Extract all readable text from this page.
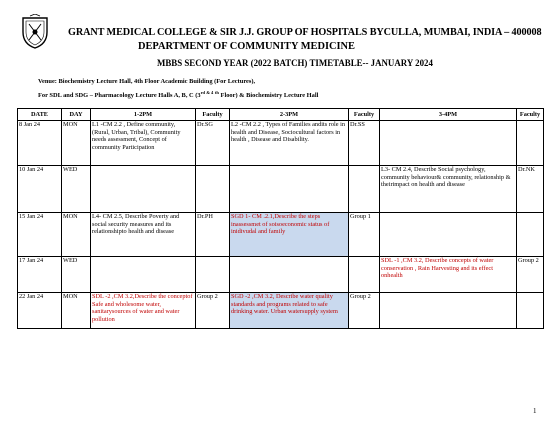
GRANT MEDICAL COLLEGE & SIR J.J. GROUP OF HOSPITALS BYCULLA, MUMBAI, INDIA – 400008
DEPARTMENT OF COMMUNITY MEDICINE
MBBS SECOND YEAR (2022 BATCH) TIMETABLE-- JANUARY 2024
Venue: Biochemistry Lecture Hall, 4th Floor Academic Building (For Lectures),
For SDL and SDG – Pharmacology Lecture Halls A, B, C ($3^{rd \& 4}$ $^{th}$ Floor) & Biochemistry Lecture Hall
DATE	DAY	1-2PM	Faculty	2-3PM	Faculty	3-4PM	Faculty
8 Jan 24	MON	L1 -CM 2.2 , Define community, (Rural, Urban, Tribal), Community needs assessment, Concept of community Participation	Dr.SG	L2 -CM 2.2 , Types of Families andits role in health and Disease, Sociocultural factors in health , Disease and Disability.	Dr.SS		
10 Jan 24	WED					L3- CM 2.4, Describe Social psychology, community behaviour& community, relationship & theirimpact on health and disease	Dr.NK
15 Jan 24	MON	L4- CM 2.5, Describe Poverty and social security measures and its relationshipto health and disease	Dr.PH	SGD 1- CM .2.1,Describe the steps inassessmet of soisoeconomic status of inidivudal and family	Group 1		
17 Jan 24	WED					SDL -1 ,CM 3.2, Describe concepts of water conservation , Rain Harvesting and its effect onhealth	Group 2
22 Jan 24	MON	SDL -2 ,CM 3.2,Describe the conceptof Safe and wholesome water, sanitarysources of water and water pollution	Group 2	SGD -2 ,CM 3.2, Describe water quality standards and programs related to safe drinking water. Urban watersupply system	Group 2		
1
